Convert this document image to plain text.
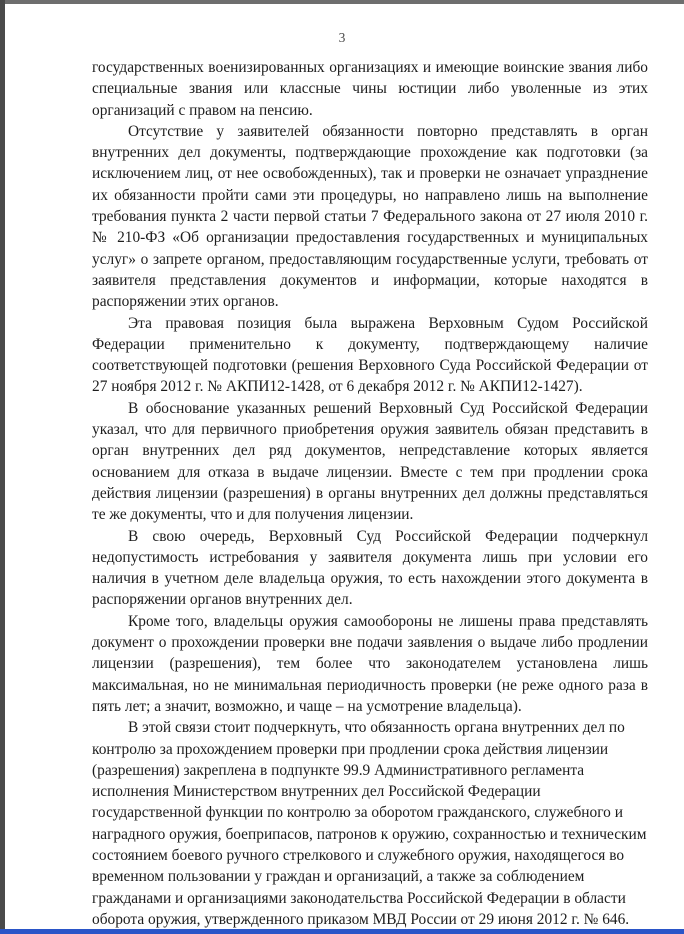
3

государственных военизированных организациях и имеющие воинские звания либо специальные звания или классные чины юстиции либо уволенные из этих организаций с правом на пенсию.

Отсутствие у заявителей обязанности повторно представлять в орган внутренних дел документы, подтверждающие прохождение как подготовки (за исключением лиц, от нее освобожденных), так и проверки не означает упразднение их обязанности пройти сами эти процедуры, но направлено лишь на выполнение требования пункта 2 части первой статьи 7 Федерального закона от 27 июля 2010 г. № 210-ФЗ «Об организации предоставления государственных и муниципальных услуг» о запрете органом, предоставляющим государственные услуги, требовать от заявителя представления документов и информации, которые находятся в распоряжении этих органов.

Эта правовая позиция была выражена Верховным Судом Российской Федерации применительно к документу, подтверждающему наличие соответствующей подготовки (решения Верховного Суда Российской Федерации от 27 ноября 2012 г. № АКПИ12-1428, от 6 декабря 2012 г. № АКПИ12-1427).

В обоснование указанных решений Верховный Суд Российской Федерации указал, что для первичного приобретения оружия заявитель обязан представить в орган внутренних дел ряд документов, непредставление которых является основанием для отказа в выдаче лицензии. Вместе с тем при продлении срока действия лицензии (разрешения) в органы внутренних дел должны представляться те же документы, что и для получения лицензии.

В свою очередь, Верховный Суд Российской Федерации подчеркнул недопустимость истребования у заявителя документа лишь при условии его наличия в учетном деле владельца оружия, то есть нахождении этого документа в распоряжении органов внутренних дел.

Кроме того, владельцы оружия самообороны не лишены права представлять документ о прохождении проверки вне подачи заявления о выдаче либо продлении лицензии (разрешения), тем более что законодателем установлена лишь максимальная, но не минимальная периодичность проверки (не реже одного раза в пять лет; а значит, возможно, и чаще – на усмотрение владельца).

В этой связи стоит подчеркнуть, что обязанность органа внутренних дел по контролю за прохождением проверки при продлении срока действия лицензии (разрешения) закреплена в подпункте 99.9 Административного регламента исполнения Министерством внутренних дел Российской Федерации государственной функции по контролю за оборотом гражданского, служебного и наградного оружия, боеприпасов, патронов к оружию, сохранностью и техническим состоянием боевого ручного стрелкового и служебного оружия, находящегося во временном пользовании у граждан и организаций, а также за соблюдением гражданами и организациями законодательства Российской Федерации в области оборота оружия, утвержденного приказом МВД России от 29 июня 2012 г. № 646.
